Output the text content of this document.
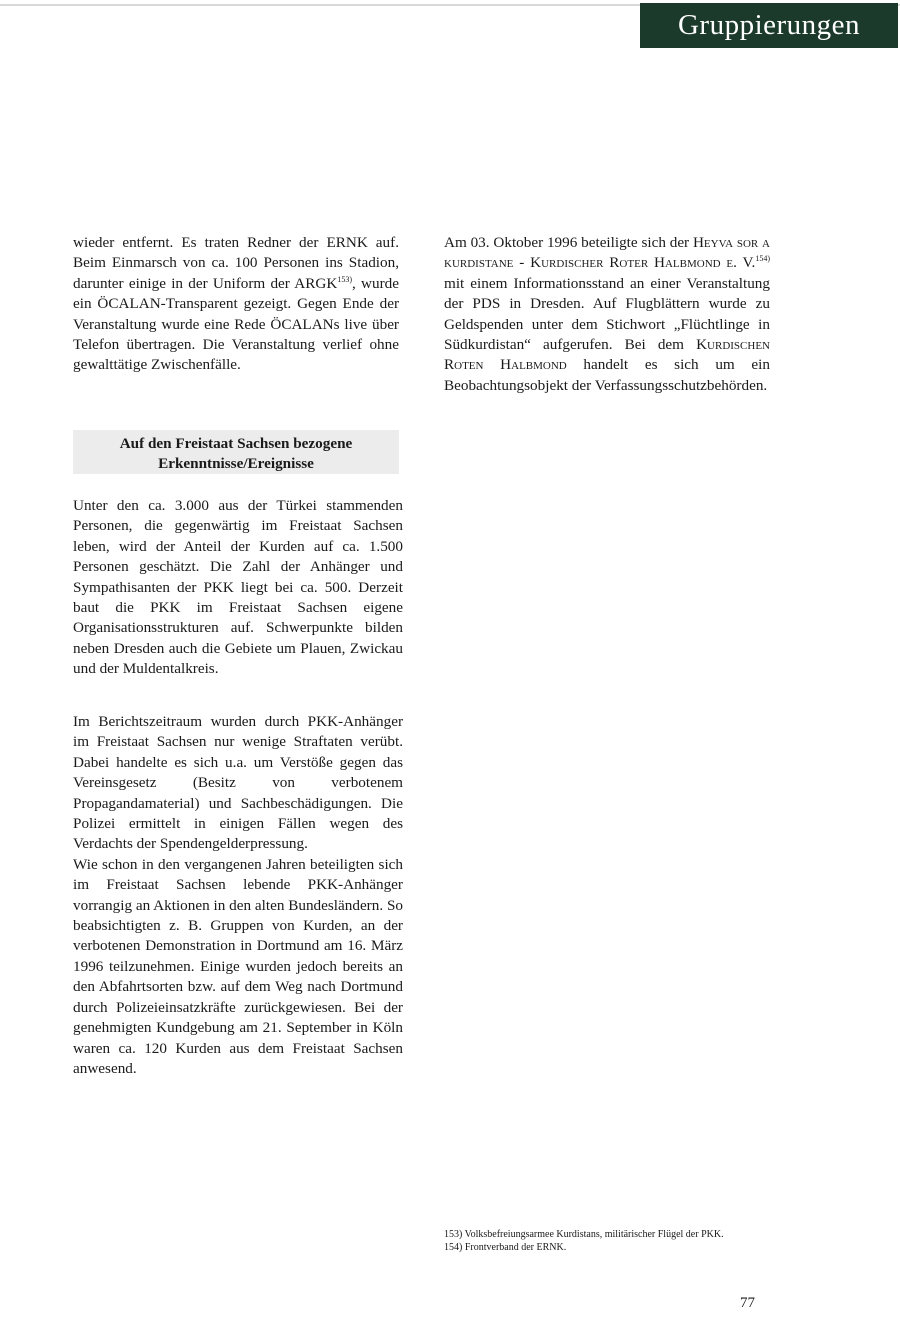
Gruppierungen

wieder entfernt. Es traten Redner der ERNK auf. Beim Einmarsch von ca. 100 Personen ins Stadion, darunter einige in der Uniform der ARGK$^{153)}$, wurde ein ÖCALAN-Transparent gezeigt. Gegen Ende der Veranstaltung wurde eine Rede ÖCALANs live über Telefon übertragen. Die Veranstaltung verlief ohne gewalttätige Zwischenfälle.

Am 03. Oktober 1996 beteiligte sich der Heyva sor a kurdistane - Kurdischer Roter Halbmond e. V.$^{154)}$ mit einem Informationsstand an einer Veranstaltung der PDS in Dresden. Auf Flugblättern wurde zu Geldspenden unter dem Stichwort „Flüchtlinge in Südkurdistan“ aufgerufen. Bei dem Kurdischen Roten Halbmond handelt es sich um ein Beobachtungsobjekt der Verfassungsschutzbehörden.

Auf den Freistaat Sachsen bezogene
Erkenntnisse/Ereignisse

Unter den ca. 3.000 aus der Türkei stammenden Personen, die gegenwärtig im Freistaat Sachsen leben, wird der Anteil der Kurden auf ca. 1.500 Personen geschätzt. Die Zahl der Anhänger und Sympathisanten der PKK liegt bei ca. 500. Derzeit baut die PKK im Freistaat Sachsen eigene Organisationsstrukturen auf. Schwerpunkte bilden neben Dresden auch die Gebiete um Plauen, Zwickau und der Muldentalkreis.

Im Berichtszeitraum wurden durch PKK-Anhänger im Freistaat Sachsen nur wenige Straftaten verübt. Dabei handelte es sich u.a. um Verstöße gegen das Vereinsgesetz (Besitz von verbotenem Propagandamaterial) und Sachbeschädigungen. Die Polizei ermittelt in einigen Fällen wegen des Verdachts der Spendengelderpressung.

Wie schon in den vergangenen Jahren beteiligten sich im Freistaat Sachsen lebende PKK-Anhänger vorrangig an Aktionen in den alten Bundesländern. So beabsichtigten z. B. Gruppen von Kurden, an der verbotenen Demonstration in Dortmund am 16. März 1996 teilzunehmen. Einige wurden jedoch bereits an den Abfahrtsorten bzw. auf dem Weg nach Dortmund durch Polizeieinsatzkräfte zurückgewiesen. Bei der genehmigten Kundgebung am 21. September in Köln waren ca. 120 Kurden aus dem Freistaat Sachsen anwesend.

153) Volksbefreiungsarmee Kurdistans, militärischer Flügel der PKK.
154) Frontverband der ERNK.
77
